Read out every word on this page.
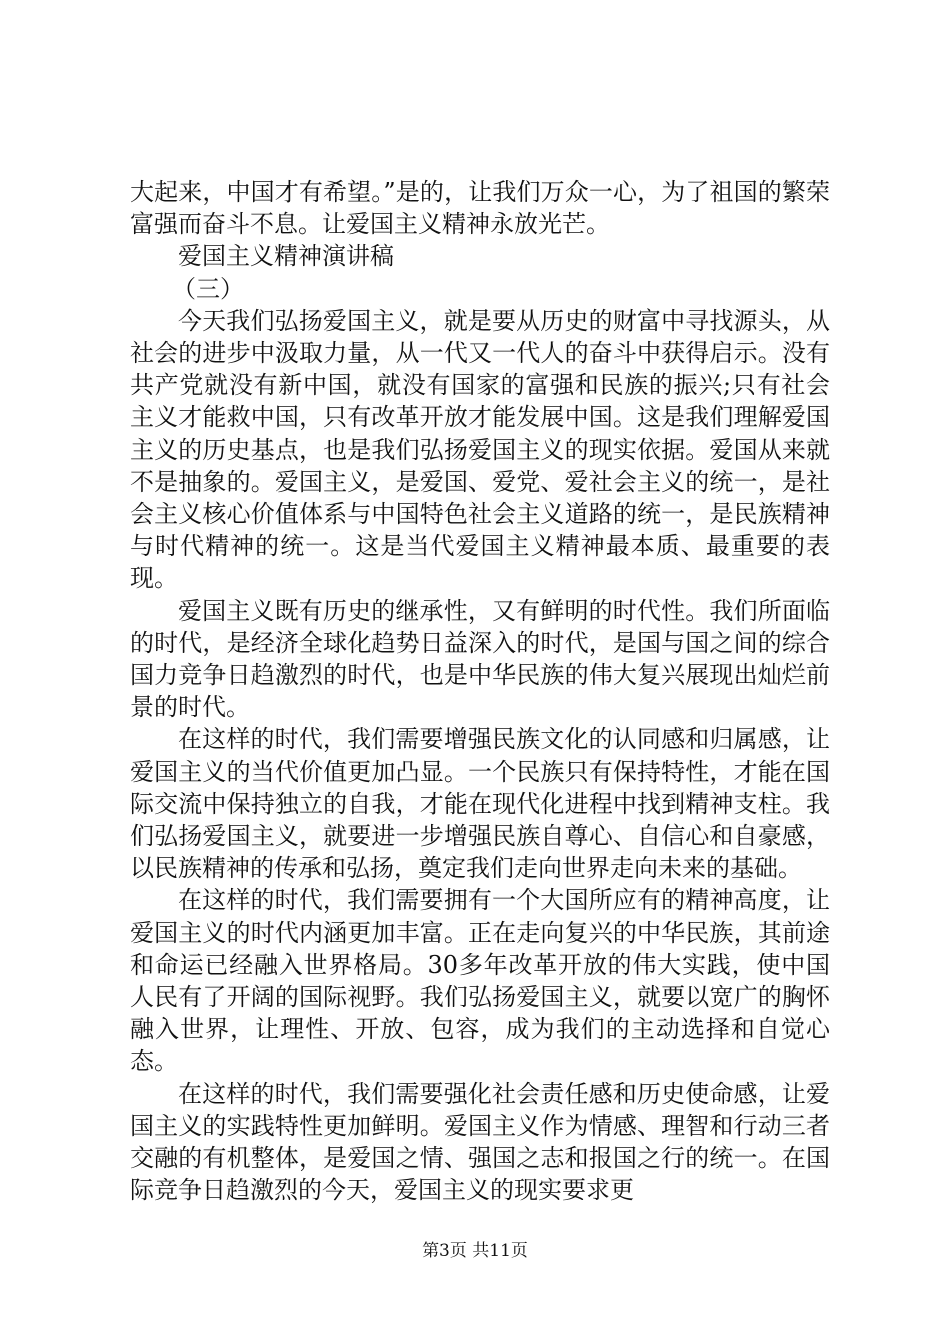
大起来，中国才有希望。”是的，让我们万众一心，为了祖国的繁荣富强而奋斗不息。让爱国主义精神永放光芒。

爱国主义精神演讲稿

（三）

今天我们弘扬爱国主义，就是要从历史的财富中寻找源头，从社会的进步中汲取力量，从一代又一代人的奋斗中获得启示。没有共产党就没有新中国，就没有国家的富强和民族的振兴;只有社会主义才能救中国，只有改革开放才能发展中国。这是我们理解爱国主义的历史基点，也是我们弘扬爱国主义的现实依据。爱国从来就不是抽象的。爱国主义，是爱国、爱党、爱社会主义的统一，是社会主义核心价值体系与中国特色社会主义道路的统一，是民族精神与时代精神的统一。这是当代爱国主义精神最本质、最重要的表现。

爱国主义既有历史的继承性，又有鲜明的时代性。我们所面临的时代，是经济全球化趋势日益深入的时代，是国与国之间的综合国力竞争日趋激烈的时代，也是中华民族的伟大复兴展现出灿烂前景的时代。

在这样的时代，我们需要增强民族文化的认同感和归属感，让爱国主义的当代价值更加凸显。一个民族只有保持特性，才能在国际交流中保持独立的自我，才能在现代化进程中找到精神支柱。我们弘扬爱国主义，就要进一步增强民族自尊心、自信心和自豪感，以民族精神的传承和弘扬，奠定我们走向世界走向未来的基础。

在这样的时代，我们需要拥有一个大国所应有的精神高度，让爱国主义的时代内涵更加丰富。正在走向复兴的中华民族，其前途和命运已经融入世界格局。30多年改革开放的伟大实践，使中国人民有了开阔的国际视野。我们弘扬爱国主义，就要以宽广的胸怀融入世界，让理性、开放、包容，成为我们的主动选择和自觉心态。

在这样的时代，我们需要强化社会责任感和历史使命感，让爱国主义的实践特性更加鲜明。爱国主义作为情感、理智和行动三者交融的有机整体，是爱国之情、强国之志和报国之行的统一。在国际竞争日趋激烈的今天，爱国主义的现实要求更

第3页 共11页
